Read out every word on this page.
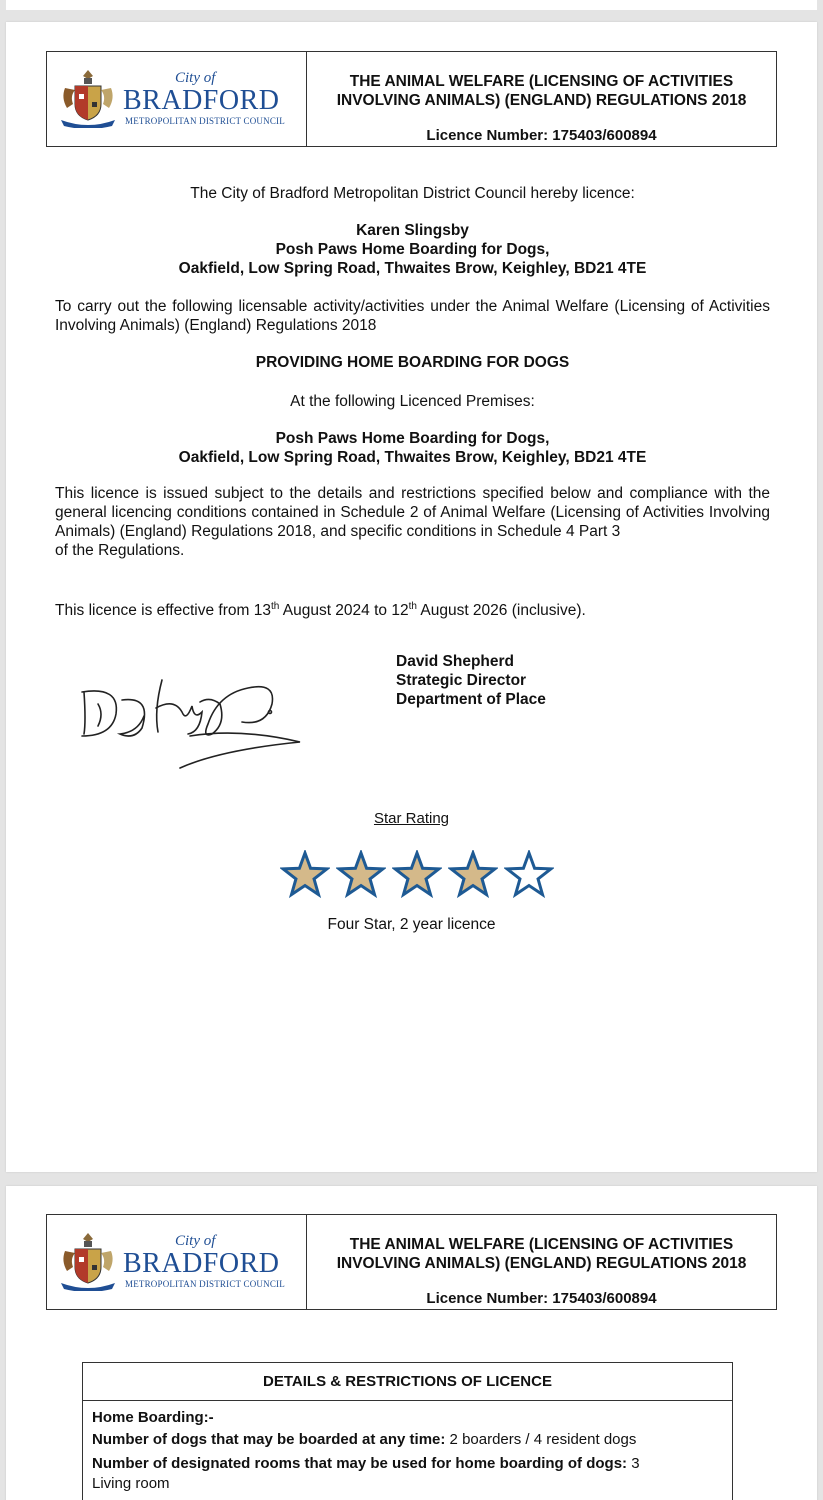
City of
BRADFORD
METROPOLITAN DISTRICT COUNCIL
THE ANIMAL WELFARE (LICENSING OF ACTIVITIES
INVOLVING ANIMALS) (ENGLAND) REGULATIONS 2018
Licence Number: 175403/600894
The City of Bradford Metropolitan District Council hereby licence:
Karen Slingsby
Posh Paws Home Boarding for Dogs,
Oakfield, Low Spring Road, Thwaites Brow, Keighley, BD21 4TE
To carry out the following licensable activity/activities under the Animal Welfare (Licensing of Activities Involving Animals) (England) Regulations 2018
PROVIDING HOME BOARDING FOR DOGS
At the following Licenced Premises:
Posh Paws Home Boarding for Dogs,
Oakfield, Low Spring Road, Thwaites Brow, Keighley, BD21 4TE
This licence is issued subject to the details and restrictions specified below and compliance with the general licencing conditions contained in Schedule 2 of Animal Welfare (Licensing of Activities Involving Animals) (England) Regulations 2018, and specific conditions in Schedule 4 Part 3
of the Regulations.
This licence is effective from 13th August 2024 to 12th August 2026 (inclusive).
David Shepherd
Strategic Director
Department of Place
Star Rating
Four Star, 2 year licence
City of
BRADFORD
METROPOLITAN DISTRICT COUNCIL
THE ANIMAL WELFARE (LICENSING OF ACTIVITIES
INVOLVING ANIMALS) (ENGLAND) REGULATIONS 2018
Licence Number: 175403/600894
DETAILS & RESTRICTIONS OF LICENCE
Home Boarding:-
Number of dogs that may be boarded at any time: 2 boarders / 4 resident dogs
Number of designated rooms that may be used for home boarding of dogs: 3
Living room
